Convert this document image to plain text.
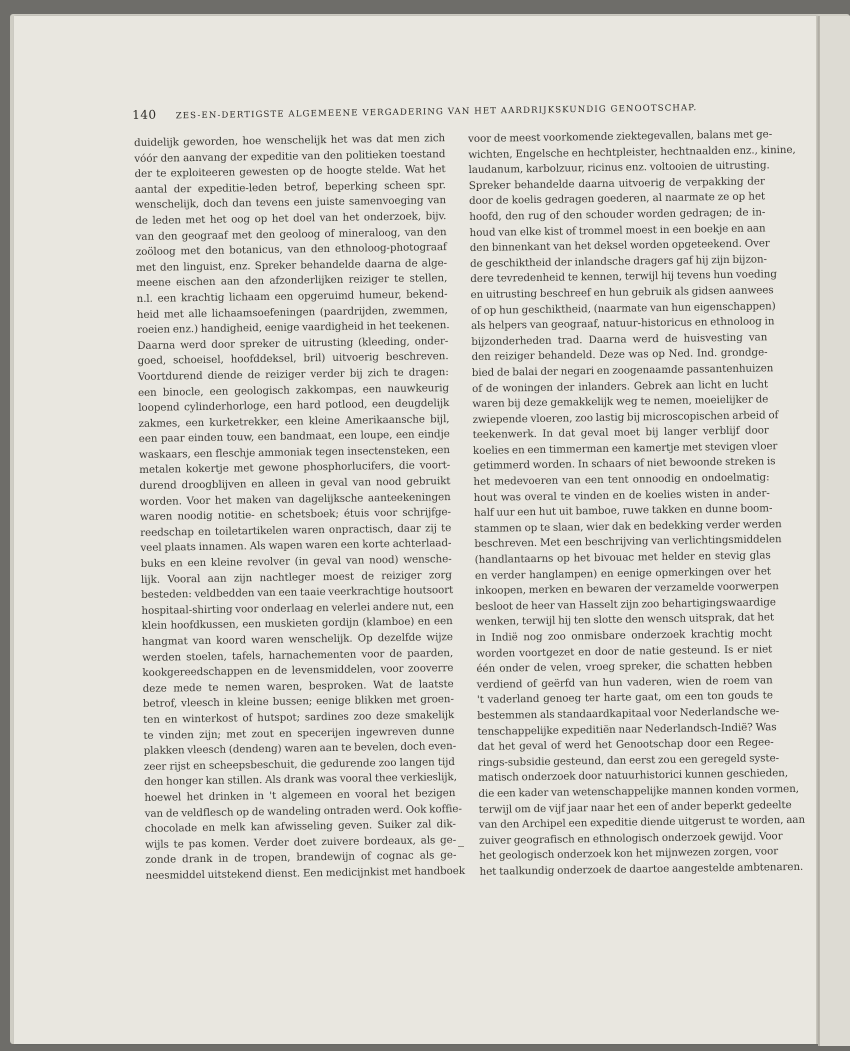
140 ZES-EN-DERTIGSTE ALGEMEENE VERGADERING VAN HET AARDRIJKSKUNDIG GENOOTSCHAP.
duidelijk geworden, hoe wenschelijk het was dat men zich
vóór den aanvang der expeditie van den politieken toestand
der te exploiteeren gewesten op de hoogte stelde. Wat het
aantal der expeditie-leden betrof, beperking scheen spr.
wenschelijk, doch dan tevens een juiste samenvoeging van
de leden met het oog op het doel van het onderzoek, bijv.
van den geograaf met den geoloog of mineraloog, van den
zoöloog met den botanicus, van den ethnoloog-photograaf
met den linguist, enz. Spreker behandelde daarna de alge-
meene eischen aan den afzonderlijken reiziger te stellen,
n.l. een krachtig lichaam een opgeruimd humeur, bekend-
heid met alle lichaamsoefeningen (paardrijden, zwemmen,
roeien enz.) handigheid, eenige vaardigheid in het teekenen.
Daarna werd door spreker de uitrusting (kleeding, onder-
goed, schoeisel, hoofddeksel, bril) uitvoerig beschreven.
Voortdurend diende de reiziger verder bij zich te dragen:
een binocle, een geologisch zakkompas, een nauwkeurig
loopend cylinderhorloge, een hard potlood, een deugdelijk
zakmes, een kurketrekker, een kleine Amerikaansche bijl,
een paar einden touw, een bandmaat, een loupe, een eindje
waskaars, een fleschje ammoniak tegen insectensteken, een
metalen kokertje met gewone phosphorlucifers, die voort-
durend droogblijven en alleen in geval van nood gebruikt
worden. Voor het maken van dagelijksche aanteekeningen
waren noodig notitie- en schetsboek; étuis voor schrijfge-
reedschap en toiletartikelen waren onpractisch, daar zij te
veel plaats innamen. Als wapen waren een korte achterlaad-
buks en een kleine revolver (in geval van nood) wensche-
lijk. Vooral aan zijn nachtleger moest de reiziger zorg
besteden: veldbedden van een taaie veerkrachtige houtsoort
hospitaal-shirting voor onderlaag en velerlei andere nut, een
klein hoofdkussen, een muskieten gordijn (klamboe) en een
hangmat van koord waren wenschelijk. Op dezelfde wijze
werden stoelen, tafels, harnachementen voor de paarden,
kookgereedschappen en de levensmiddelen, voor zooverre
deze mede te nemen waren, besproken. Wat de laatste
betrof, vleesch in kleine bussen; eenige blikken met groen-
ten en winterkost of hutspot; sardines zoo deze smakelijk
te vinden zijn; met zout en specerijen ingewreven dunne
plakken vleesch (dendeng) waren aan te bevelen, doch even-
zeer rijst en scheepsbeschuit, die gedurende zoo langen tijd
den honger kan stillen. Als drank was vooral thee verkieslijk,
hoewel het drinken in 't algemeen en vooral het bezigen
van de veldflesch op de wandeling ontraden werd. Ook koffie-
chocolade en melk kan afwisseling geven. Suiker zal dik-
wijls te pas komen. Verder doet zuivere bordeaux, als ge-
zonde drank in de tropen, brandewijn of cognac als ge-
neesmiddel uitstekend dienst. Een medicijnkist met handboek
voor de meest voorkomende ziektegevallen, balans met ge-
wichten, Engelsche en hechtpleister, hechtnaalden enz., kinine,
laudanum, karbolzuur, ricinus enz. voltooien de uitrusting.
Spreker behandelde daarna uitvoerig de verpakking der
door de koelis gedragen goederen, al naarmate ze op het
hoofd, den rug of den schouder worden gedragen; de in-
houd van elke kist of trommel moest in een boekje en aan
den binnenkant van het deksel worden opgeteekend. Over
de geschiktheid der inlandsche dragers gaf hij zijn bijzon-
dere tevredenheid te kennen, terwijl hij tevens hun voeding
en uitrusting beschreef en hun gebruik als gidsen aanwees
of op hun geschiktheid, (naarmate van hun eigenschappen)
als helpers van geograaf, natuur-historicus en ethnoloog in
bijzonderheden trad. Daarna werd de huisvesting van
den reiziger behandeld. Deze was op Ned. Ind. grondge-
bied de balai der negari en zoogenaamde passantenhuizen
of de woningen der inlanders. Gebrek aan licht en lucht
waren bij deze gemakkelijk weg te nemen, moeielijker de
zwiepende vloeren, zoo lastig bij microscopischen arbeid of
teekenwerk. In dat geval moet bij langer verblijf door
koelies en een timmerman een kamertje met stevigen vloer
getimmerd worden. In schaars of niet bewoonde streken is
het medevoeren van een tent onnoodig en ondoelmatig:
hout was overal te vinden en de koelies wisten in ander-
half uur een hut uit bamboe, ruwe takken en dunne boom-
stammen op te slaan, wier dak en bedekking verder werden
beschreven. Met een beschrijving van verlichtingsmiddelen
(handlantaarns op het bivouac met helder en stevig glas
en verder hanglampen) en eenige opmerkingen over het
inkoopen, merken en bewaren der verzamelde voorwerpen
besloot de heer van Hasselt zijn zoo behartigingswaardige
wenken, terwijl hij ten slotte den wensch uitsprak, dat het
in Indië nog zoo onmisbare onderzoek krachtig mocht
worden voortgezet en door de natie gesteund. Is er niet
één onder de velen, vroeg spreker, die schatten hebben
verdiend of geërfd van hun vaderen, wien de roem van
't vaderland genoeg ter harte gaat, om een ton gouds te
bestemmen als standaardkapitaal voor Nederlandsche we-
tenschappelijke expeditiën naar Nederlandsch-Indië? Was
dat het geval of werd het Genootschap door een Regee-
rings-subsidie gesteund, dan eerst zou een geregeld syste-
matisch onderzoek door natuurhistorici kunnen geschieden,
die een kader van wetenschappelijke mannen konden vormen,
terwijl om de vijf jaar naar het een of ander beperkt gedeelte
van den Archipel een expeditie diende uitgerust te worden, aan
zuiver geografisch en ethnologisch onderzoek gewijd. Voor
het geologisch onderzoek kon het mijnwezen zorgen, voor
het taalkundig onderzoek de daartoe aangestelde ambtenaren.
